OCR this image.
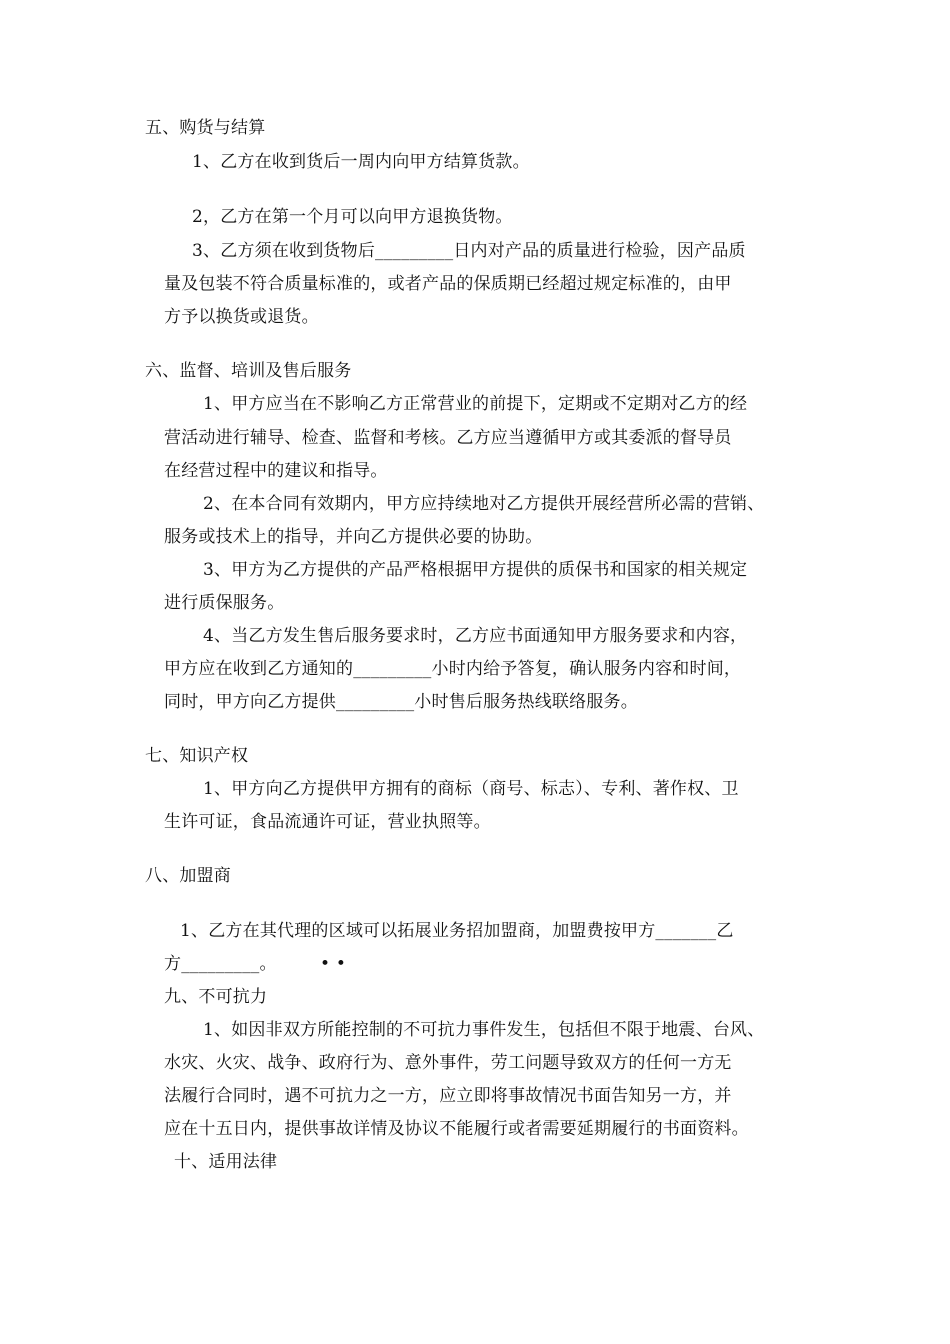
五、购货与结算
1、乙方在收到货后一周内向甲方结算货款。
2，乙方在第一个月可以向甲方退换货物。
3、乙方须在收到货物后_________日内对产品的质量进行检验，因产品质
量及包装不符合质量标准的，或者产品的保质期已经超过规定标准的，由甲
方予以换货或退货。
六、监督、培训及售后服务
1、甲方应当在不影响乙方正常营业的前提下，定期或不定期对乙方的经
营活动进行辅导、检查、监督和考核。乙方应当遵循甲方或其委派的督导员
在经营过程中的建议和指导。
2、在本合同有效期内，甲方应持续地对乙方提供开展经营所必需的营销、
服务或技术上的指导，并向乙方提供必要的协助。
3、甲方为乙方提供的产品严格根据甲方提供的质保书和国家的相关规定
进行质保服务。
4、当乙方发生售后服务要求时，乙方应书面通知甲方服务要求和内容，
甲方应在收到乙方通知的_________小时内给予答复，确认服务内容和时间，
同时，甲方向乙方提供_________小时售后服务热线联络服务。
七、知识产权
1、甲方向乙方提供甲方拥有的商标（商号、标志）、专利、著作权、卫
生许可证，食品流通许可证，营业执照等。
八、加盟商
1、乙方在其代理的区域可以拓展业务招加盟商，加盟费按甲方_______乙
方_________。	• •
九、不可抗力
1、如因非双方所能控制的不可抗力事件发生，包括但不限于地震、台风、
水灾、火灾、战争、政府行为、意外事件，劳工问题导致双方的任何一方无
法履行合同时，遇不可抗力之一方，应立即将事故情况书面告知另一方，并
应在十五日内，提供事故详情及协议不能履行或者需要延期履行的书面资料。
十、适用法律
